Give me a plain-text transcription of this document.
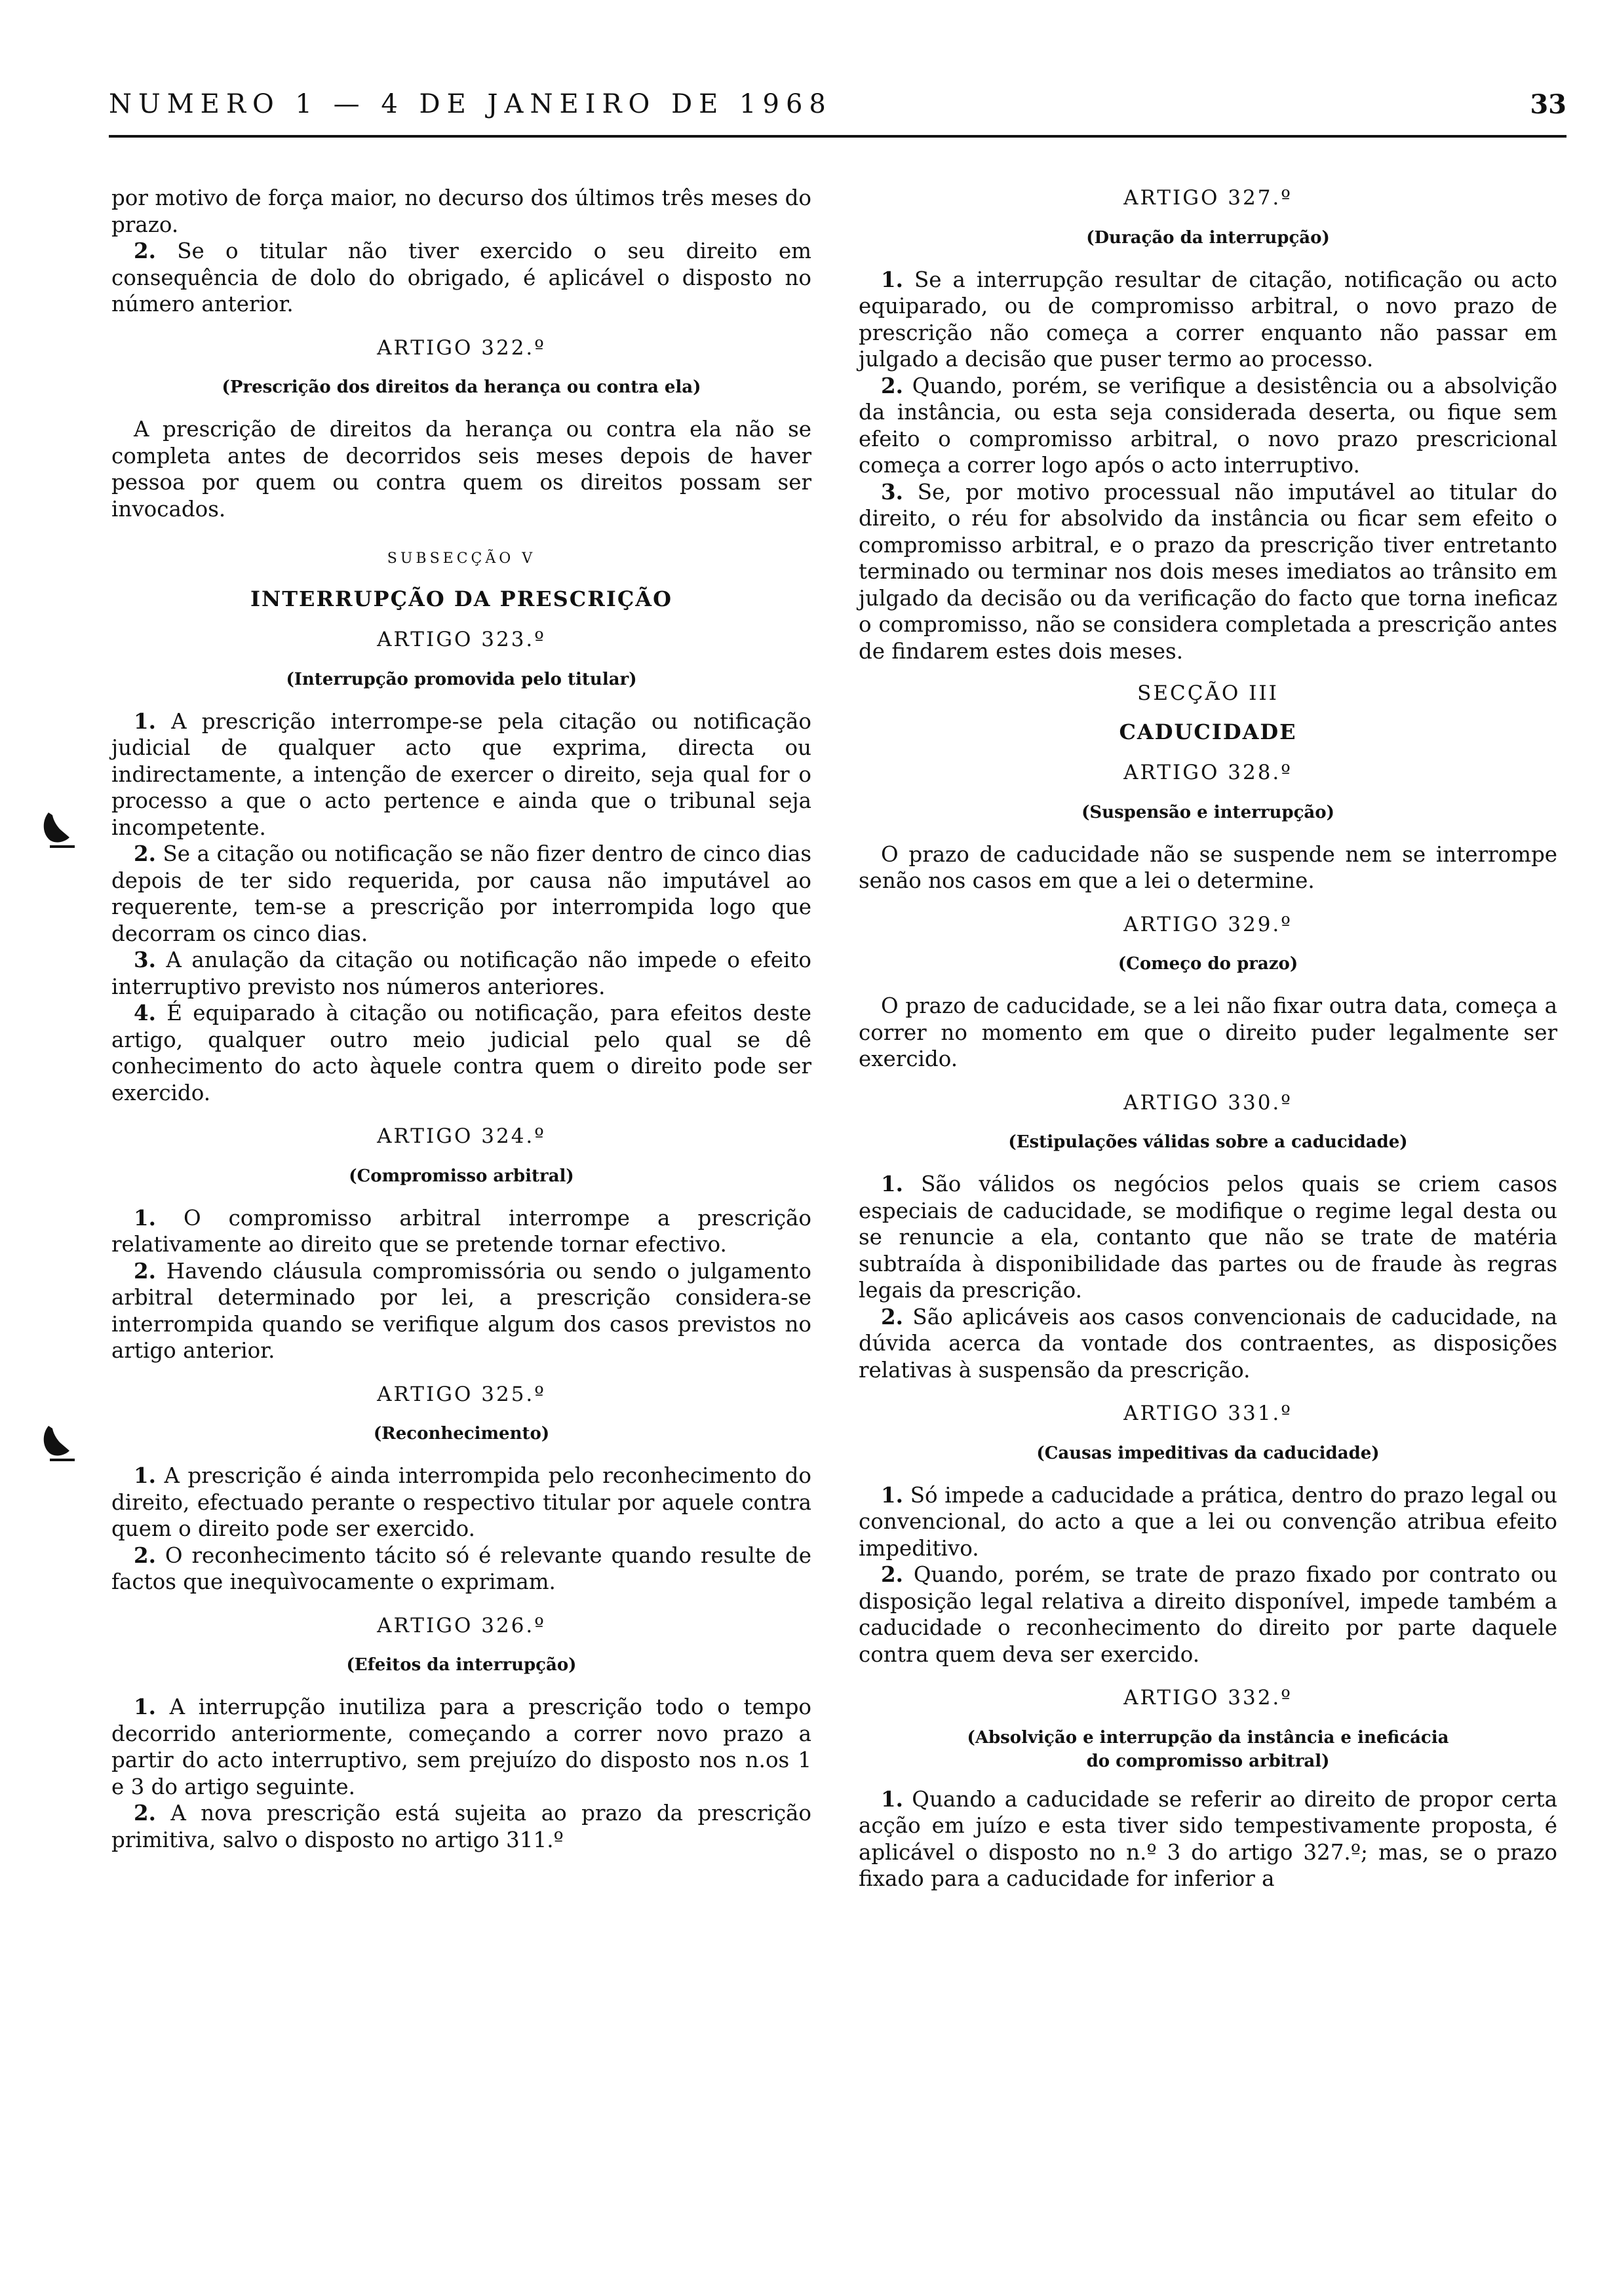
NUMERO 1 — 4 DE JANEIRO DE 1968	33

por motivo de força maior, no decurso dos últimos três meses do prazo.

2. Se o titular não tiver exercido o seu direito em consequência de dolo do obrigado, é aplicável o disposto no número anterior.

ARTIGO 322.º
(Prescrição dos direitos da herança ou contra ela)

A prescrição de direitos da herança ou contra ela não se completa antes de decorridos seis meses depois de haver pessoa por quem ou contra quem os direitos possam ser invocados.

SUBSECÇÃO V
INTERRUPÇÃO DA PRESCRIÇÃO
ARTIGO 323.º
(Interrupção promovida pelo titular)

1. A prescrição interrompe-se pela citação ou notificação judicial de qualquer acto que exprima, directa ou indirectamente, a intenção de exercer o direito, seja qual for o processo a que o acto pertence e ainda que o tribunal seja incompetente.

2. Se a citação ou notificação se não fizer dentro de cinco dias depois de ter sido requerida, por causa não imputável ao requerente, tem-se a prescrição por interrompida logo que decorram os cinco dias.

3. A anulação da citação ou notificação não impede o efeito interruptivo previsto nos números anteriores.

4. É equiparado à citação ou notificação, para efeitos deste artigo, qualquer outro meio judicial pelo qual se dê conhecimento do acto àquele contra quem o direito pode ser exercido.

ARTIGO 324.º
(Compromisso arbitral)

1. O compromisso arbitral interrompe a prescrição relativamente ao direito que se pretende tornar efectivo.

2. Havendo cláusula compromissória ou sendo o julgamento arbitral determinado por lei, a prescrição considera-se interrompida quando se verifique algum dos casos previstos no artigo anterior.

ARTIGO 325.º
(Reconhecimento)

1. A prescrição é ainda interrompida pelo reconhecimento do direito, efectuado perante o respectivo titular por aquele contra quem o direito pode ser exercido.

2. O reconhecimento tácito só é relevante quando resulte de factos que inequìvocamente o exprimam.

ARTIGO 326.º
(Efeitos da interrupção)

1. A interrupção inutiliza para a prescrição todo o tempo decorrido anteriormente, começando a correr novo prazo a partir do acto interruptivo, sem prejuízo do disposto nos n.os 1 e 3 do artigo seguinte.

2. A nova prescrição está sujeita ao prazo da prescrição primitiva, salvo o disposto no artigo 311.º

ARTIGO 327.º
(Duração da interrupção)

1. Se a interrupção resultar de citação, notificação ou acto equiparado, ou de compromisso arbitral, o novo prazo de prescrição não começa a correr enquanto não passar em julgado a decisão que puser termo ao processo.

2. Quando, porém, se verifique a desistência ou a absolvição da instância, ou esta seja considerada deserta, ou fique sem efeito o compromisso arbitral, o novo prazo prescricional começa a correr logo após o acto interruptivo.

3. Se, por motivo processual não imputável ao titular do direito, o réu for absolvido da instância ou ficar sem efeito o compromisso arbitral, e o prazo da prescrição tiver entretanto terminado ou terminar nos dois meses imediatos ao trânsito em julgado da decisão ou da verificação do facto que torna ineficaz o compromisso, não se considera completada a prescrição antes de findarem estes dois meses.

SECÇÃO III
CADUCIDADE
ARTIGO 328.º
(Suspensão e interrupção)

O prazo de caducidade não se suspende nem se interrompe senão nos casos em que a lei o determine.

ARTIGO 329.º
(Começo do prazo)

O prazo de caducidade, se a lei não fixar outra data, começa a correr no momento em que o direito puder legalmente ser exercido.

ARTIGO 330.º
(Estipulações válidas sobre a caducidade)

1. São válidos os negócios pelos quais se criem casos especiais de caducidade, se modifique o regime legal desta ou se renuncie a ela, contanto que não se trate de matéria subtraída à disponibilidade das partes ou de fraude às regras legais da prescrição.

2. São aplicáveis aos casos convencionais de caducidade, na dúvida acerca da vontade dos contraentes, as disposições relativas à suspensão da prescrição.

ARTIGO 331.º
(Causas impeditivas da caducidade)

1. Só impede a caducidade a prática, dentro do prazo legal ou convencional, do acto a que a lei ou convenção atribua efeito impeditivo.

2. Quando, porém, se trate de prazo fixado por contrato ou disposição legal relativa a direito disponível, impede também a caducidade o reconhecimento do direito por parte daquele contra quem deva ser exercido.

ARTIGO 332.º
(Absolvição e interrupção da instância e ineficácia
do compromisso arbitral)

1. Quando a caducidade se referir ao direito de propor certa acção em juízo e esta tiver sido tempestivamente proposta, é aplicável o disposto no n.º 3 do artigo 327.º; mas, se o prazo fixado para a caducidade for inferior a
